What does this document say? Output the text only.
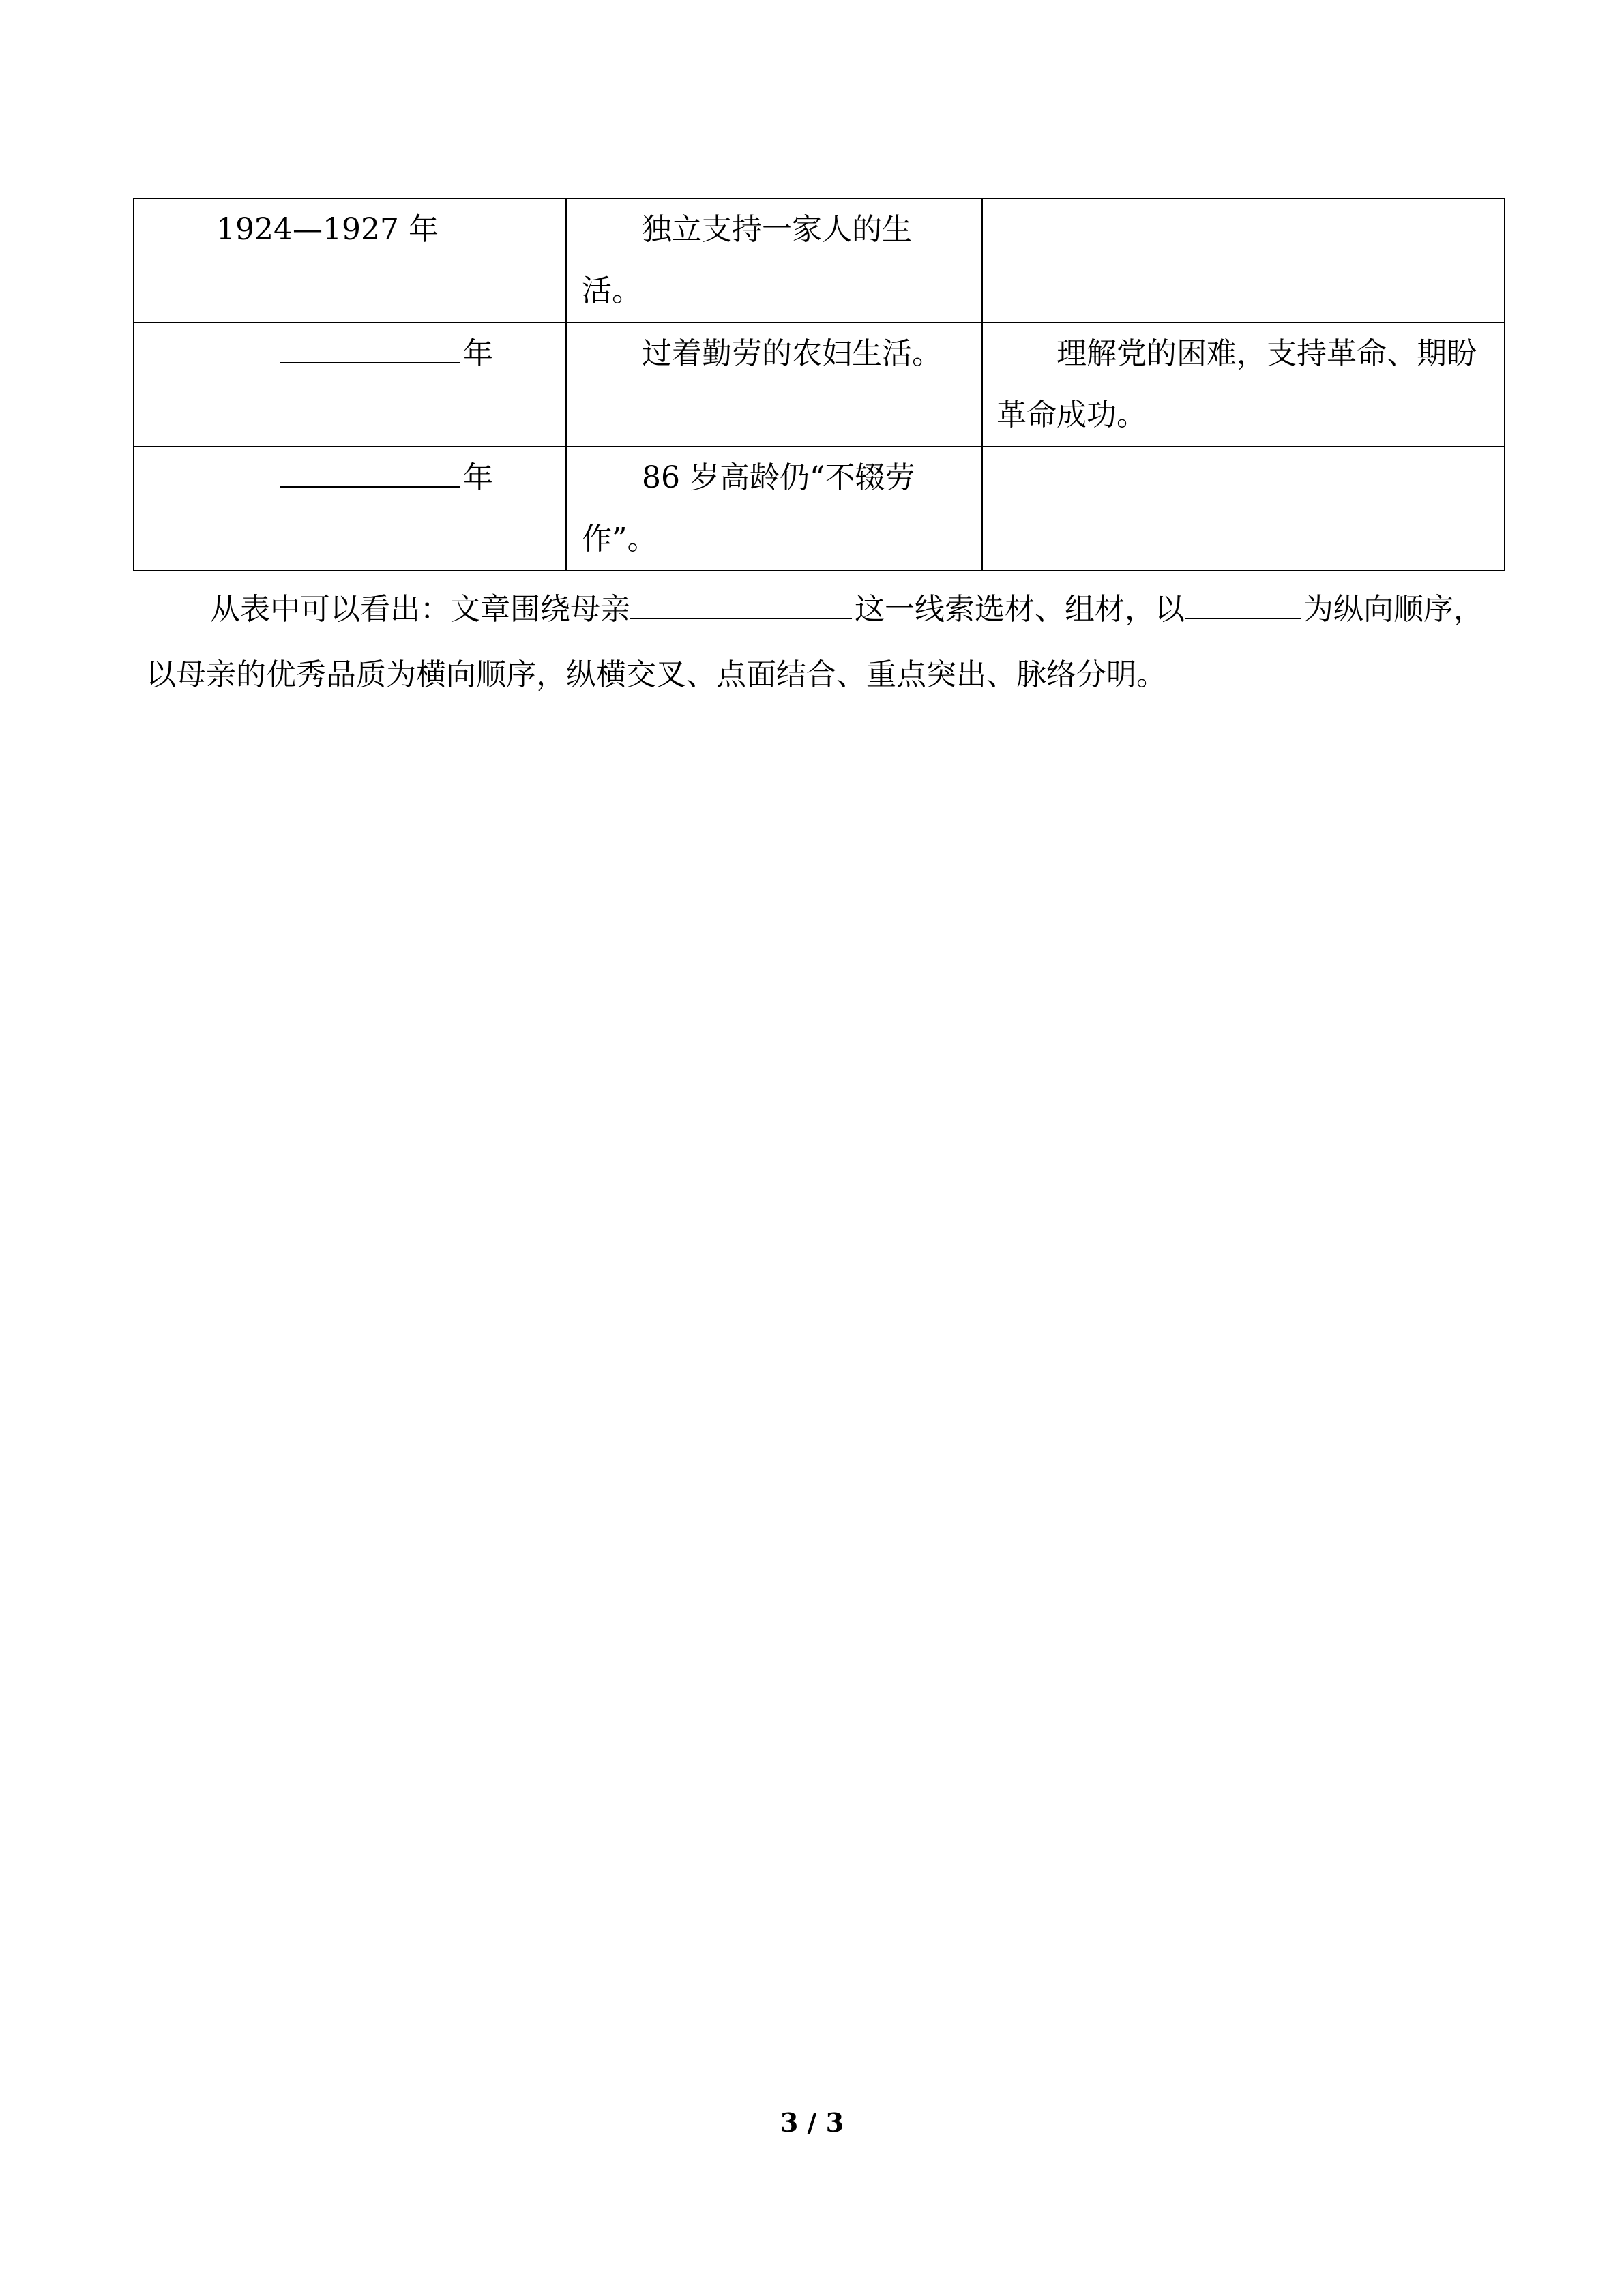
1924—1927 年	独立支持一家人的生活。	

年	过着勤劳的农妇生活。	理解党的困难，支持革命、期盼革命成功。

年	86 岁高龄仍“不辍劳作”。	

从表中可以看出：文章围绕母亲	这一线索选材、组材，以	为纵向顺序，以母亲的优秀品质为横向顺序，纵横交叉、点面结合、重点突出、脉络分明。
3 / 3
